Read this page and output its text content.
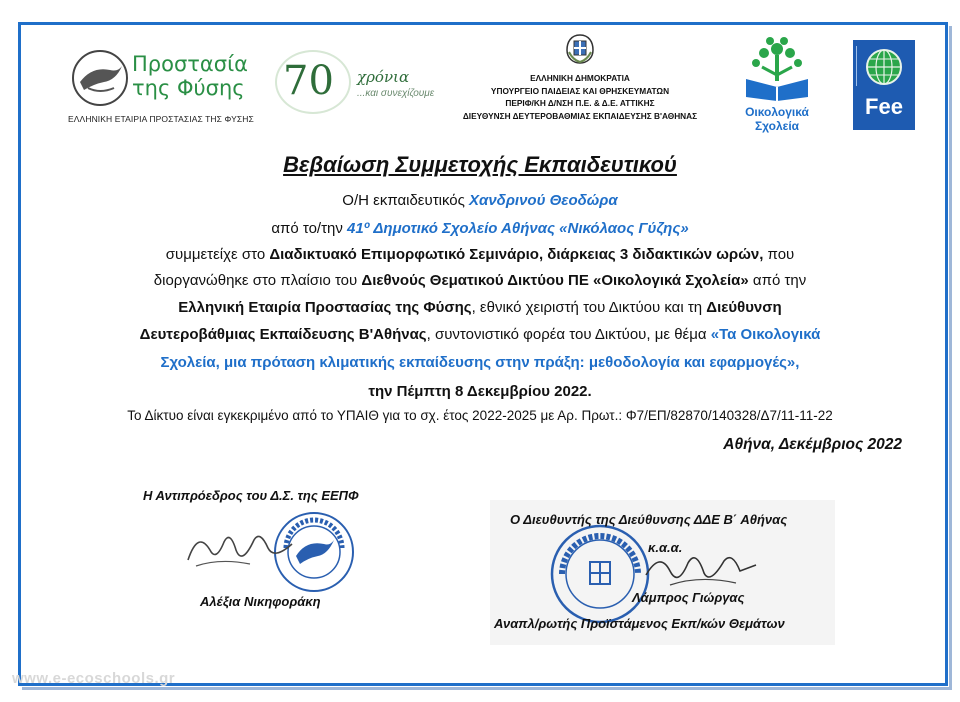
Προστασία
της Φύσης
ΕΛΛΗΝΙΚΗ ΕΤΑΙΡΙΑ ΠΡΟΣΤΑΣΙΑΣ ΤΗΣ ΦΥΣΗΣ
70 χρόνια
...και συνεχίζουμε
ΕΛΛΗΝΙΚΗ ΔΗΜΟΚΡΑΤΙΑ
ΥΠΟΥΡΓΕΙΟ ΠΑΙΔΕΙΑΣ ΚΑΙ ΘΡΗΣΚΕΥΜΑΤΩΝ
ΠΕΡΙΦ/ΚΗ Δ/ΝΣΗ Π.Ε. & Δ.Ε. ΑΤΤΙΚΗΣ
ΔΙΕΥΘΥΝΣΗ ΔΕΥΤΕΡΟΒΑΘΜΙΑΣ ΕΚΠΑΙΔΕΥΣΗΣ Β'ΑΘΗΝΑΣ	Οικολογικά
Σχολεία
Fee
Βεβαίωση Συμμετοχής Εκπαιδευτικού
Ο/Η εκπαιδευτικός Χανδρινού Θεοδώρα
από το/την 41º Δημοτικό Σχολείο Αθήνας «Νικόλαος Γύζης»
συμμετείχε στο Διαδικτυακό Επιμορφωτικό Σεμινάριο, διάρκειας 3 διδακτικών ωρών, που
διοργανώθηκε στο πλαίσιο του Διεθνούς Θεματικού Δικτύου ΠΕ «Οικολογικά Σχολεία» από την
Ελληνική Εταιρία Προστασίας της Φύσης, εθνικό χειριστή του Δικτύου και τη Διεύθυνση
Δευτεροβάθμιας Εκπαίδευσης Β'Αθήνας, συντονιστικό φορέα του Δικτύου, με θέμα «Τα Οικολογικά
Σχολεία, μια πρόταση κλιματικής εκπαίδευσης στην πράξη: μεθοδολογία και εφαρμογές»,
την Πέμπτη 8 Δεκεμβρίου 2022.
Το Δίκτυο είναι εγκεκριμένο από το ΥΠΑΙΘ για το σχ. έτος 2022-2025 με Αρ. Πρωτ.: Φ7/ΕΠ/82870/140328/Δ7/11-11-22
Αθήνα, Δεκέμβριος 2022
Η Αντιπρόεδρος του Δ.Σ. της ΕΕΠΦ
Αλέξια Νικηφοράκη
Ο Διευθυντής της Διεύθυνσης ΔΔΕ Β΄ Αθήνας
κ.α.α.
Λάμπρος Γιώργας
Αναπλ/ρωτής Προϊστάμενος Εκπ/κών Θεμάτων
www.e-ecoschools.gr
